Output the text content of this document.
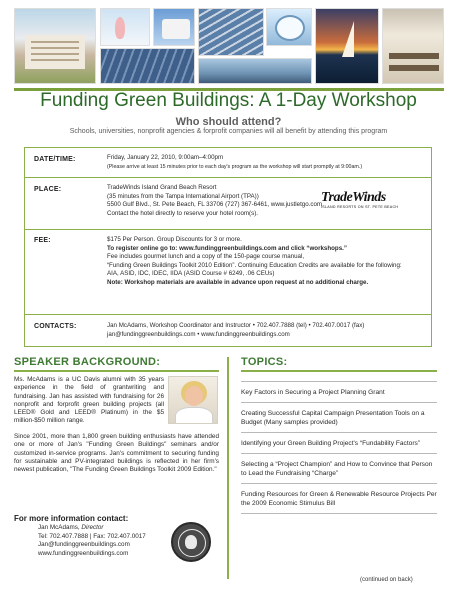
Funding Green Buildings: A 1-Day Workshop
Who should attend?
Schools, universities, nonprofit agencies & forprofit companies will all benefit by attending this program
DATE/TIME:	Friday, January 22, 2010, 9:00am–4:00pm
(Please arrive at least 15 minutes prior to each day's program as the workshop will start promptly at 9:00am.)
PLACE:	TradeWinds Island Grand Beach Resort
(35 minutes from the Tampa International Airport (TPA))
5500 Gulf Blvd., St. Pete Beach, FL 33706 (727) 367-6461, www.justletgo.com
Contact the hotel directly to reserve your hotel room(s).
TradeWinds
ISLAND RESORTS ON ST. PETE BEACH
FEE:	$175 Per Person. Group Discounts for 3 or more.
To register online go to: www.fundinggreenbuildings.com and click “workshops.”
Fee includes gourmet lunch and a copy of the 150-page course manual,
“Funding Green Buildings Toolkit 2010 Edition”. Continuing Education Credits are available for the following:
AIA, ASID, IDC, IDEC, IIDA (ASID Course # 6249, .06 CEUs)
Note: Workshop materials are available in advance upon request at no additional charge.
CONTACTS:	Jan McAdams, Workshop Coordinator and Instructor • 702.407.7888 (tel) • 702.407.0017 (fax)
jan@fundinggreenbuildings.com • www.fundinggreenbuildings.com
SPEAKER BACKGROUND:
Ms. McAdams is a UC Davis alumni with 35 years experience in the field of grantwriting and fundraising. Jan has assisted with fundraising for 26 nonprofit and forprofit green building projects (all LEED® Gold and LEED® Platinum) in the $5 million-$50 million range.
Since 2001, more than 1,800 green building enthusiasts have attended one or more of Jan's "Funding Green Buildings" seminars and/or customized in-service programs. Jan's commitment to securing funding for sustainable and PV-integrated buildings is reflected in her firm's newest publication, "The Funding Green Buildings Toolkit 2009 Edition."
For more information contact:
Jan McAdams, Director
Tel: 702.407.7888 | Fax: 702.407.0017
Jan@fundinggreenbuildings.com
www.fundinggreenbuildings.com
TOPICS:
Key Factors in Securing a Project Planning Grant
Creating Successful Capital Campaign Presentation Tools on a Budget (Many samples provided)
Identifying your Green Building Project's “Fundability Factors”
Selecting a “Project Champion” and How to Convince that Person to Lead the Fundraising “Charge”
Funding Resources for Green & Renewable Resource Projects Per the 2009 Economic Stimulus Bill
(continued on back)
